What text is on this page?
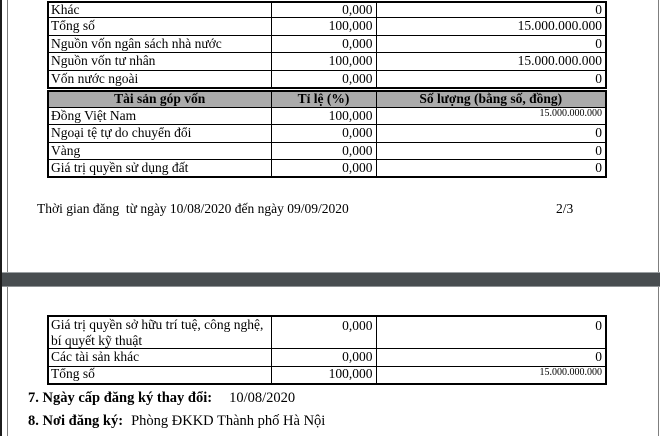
Khác	0,000	0
Tổng số	100,000	15.000.000.000
Nguồn vốn ngân sách nhà nước	0,000	0
Nguồn vốn tư nhân	100,000	15.000.000.000
Vốn nước ngoài	0,000	0
Tài sản góp vốn	Tỉ lệ (%)	Số lượng (bằng số, đồng)
Đồng Việt Nam	100,000	15.000.000.000
Ngoại tệ tự do chuyển đổi	0,000	0
Vàng	0,000	0
Giá trị quyền sử dụng đất	0,000	0
Thời gian đăng  từ ngày 10/08/2020 đến ngày 09/09/2020	2/3
Giá trị quyền sở hữu trí tuệ, công nghệ, bí quyết kỹ thuật	0,000	0
Các tài sản khác	0,000	0
Tổng số	100,000	15.000.000.000
7. Ngày cấp đăng ký thay đổi: 10/08/2020
8. Nơi đăng ký: Phòng ĐKKD Thành phố Hà Nội
